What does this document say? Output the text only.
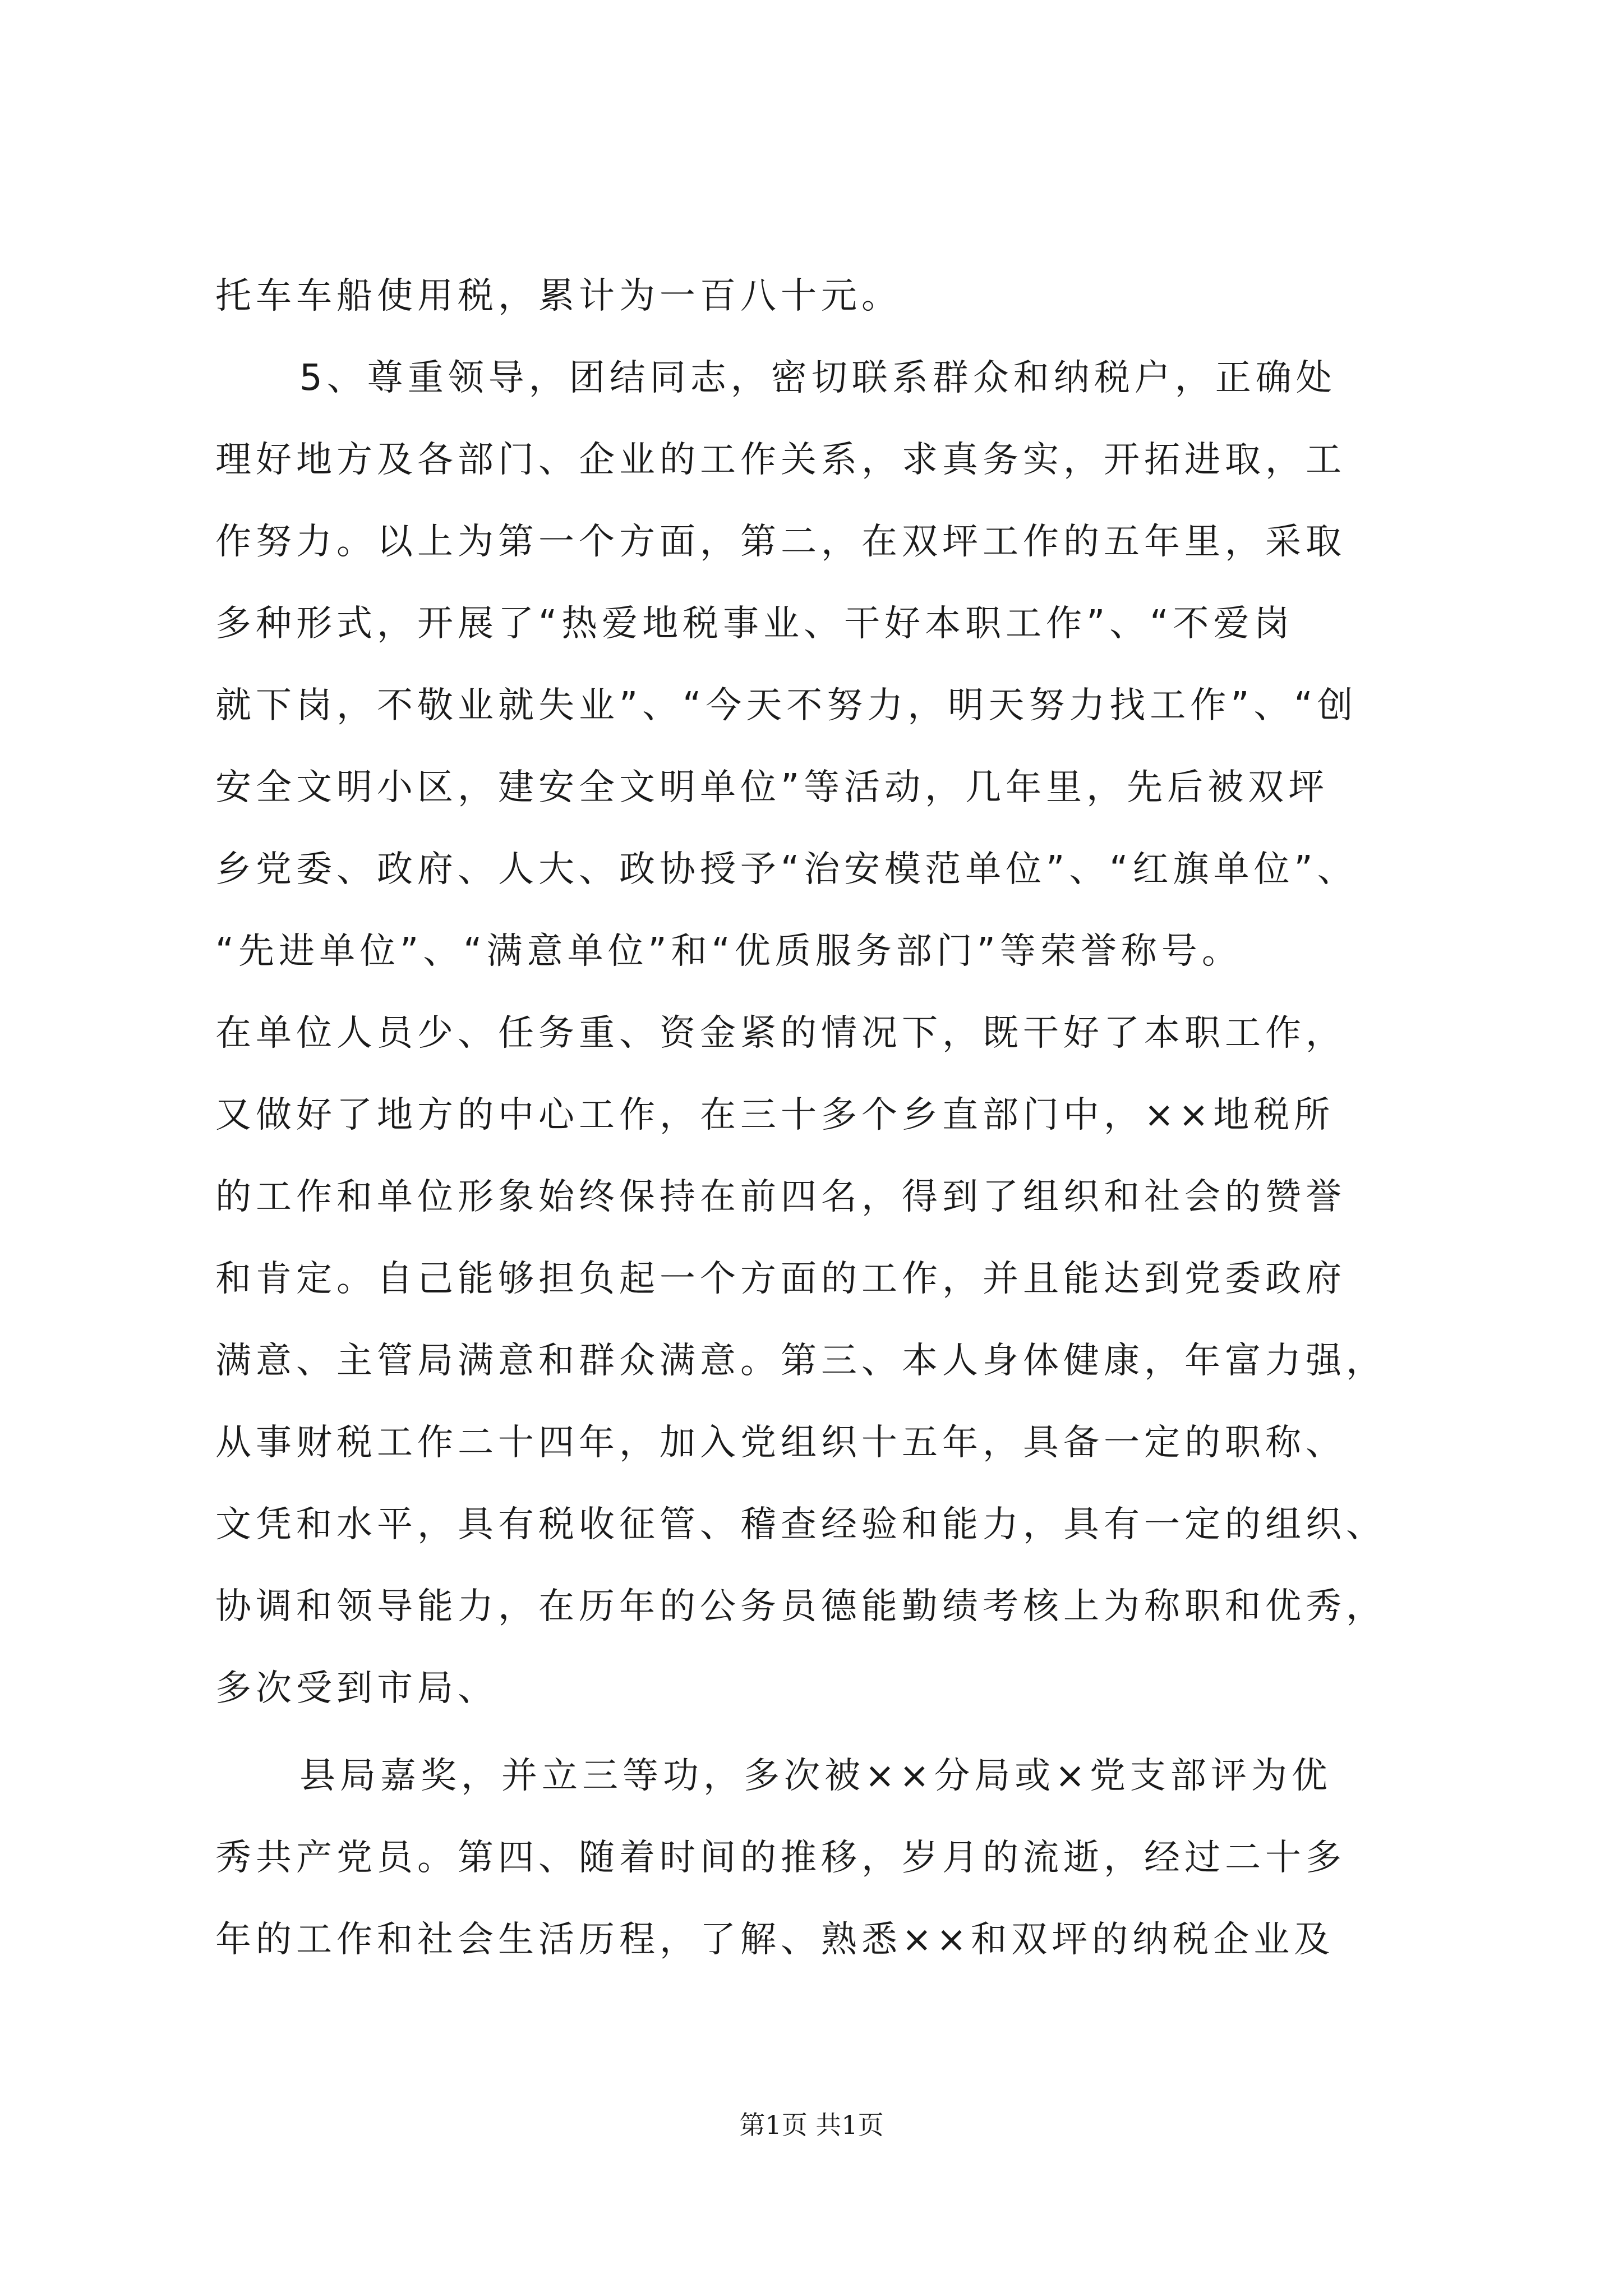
托车车船使用税，累计为一百八十元。
5、尊重领导，团结同志，密切联系群众和纳税户，正确处
理好地方及各部门、企业的工作关系，求真务实，开拓进取，工
作努力。以上为第一个方面，第二，在双坪工作的五年里，采取
多种形式，开展了“热爱地税事业、干好本职工作”、“不爱岗
就下岗，不敬业就失业”、“今天不努力，明天努力找工作”、“创
安全文明小区，建安全文明单位”等活动，几年里，先后被双坪
乡党委、政府、人大、政协授予“治安模范单位”、“红旗单位”、
“先进单位”、“满意单位”和“优质服务部门”等荣誉称号。
在单位人员少、任务重、资金紧的情况下，既干好了本职工作，
又做好了地方的中心工作，在三十多个乡直部门中，××地税所
的工作和单位形象始终保持在前四名，得到了组织和社会的赞誉
和肯定。自己能够担负起一个方面的工作，并且能达到党委政府
满意、主管局满意和群众满意。第三、本人身体健康，年富力强，
从事财税工作二十四年，加入党组织十五年，具备一定的职称、
文凭和水平，具有税收征管、稽查经验和能力，具有一定的组织、
协调和领导能力，在历年的公务员德能勤绩考核上为称职和优秀，
多次受到市局、
县局嘉奖，并立三等功，多次被××分局或×党支部评为优
秀共产党员。第四、随着时间的推移，岁月的流逝，经过二十多
年的工作和社会生活历程，了解、熟悉××和双坪的纳税企业及
第1页 共1页
